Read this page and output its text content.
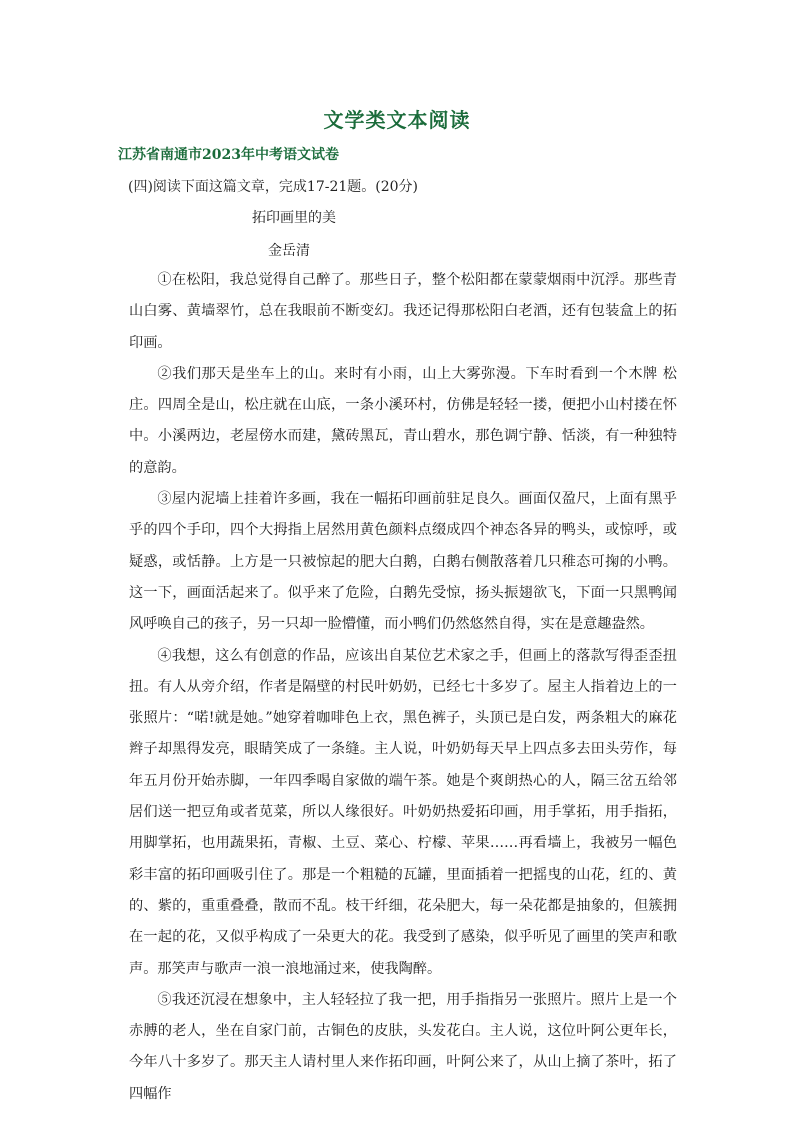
文学类文本阅读
江苏省南通市2023年中考语文试卷
(四)阅读下面这篇文章，完成17-21题。(20分)
拓印画里的美
金岳清

①在松阳，我总觉得自己醉了。那些日子，整个松阳都在蒙蒙烟雨中沉浮。那些青山白雾、黄墙翠竹，总在我眼前不断变幻。我还记得那松阳白老酒，还有包装盒上的拓印画。

②我们那天是坐车上的山。来时有小雨，山上大雾弥漫。下车时看到一个木牌 松庄。四周全是山，松庄就在山底，一条小溪环村，仿佛是轻轻一搂，便把小山村搂在怀中。小溪两边，老屋傍水而建，黛砖黑瓦，青山碧水，那色调宁静、恬淡，有一种独特的意韵。

③屋内泥墙上挂着许多画，我在一幅拓印画前驻足良久。画面仅盈尺，上面有黑乎乎的四个手印，四个大拇指上居然用黄色颜料点缀成四个神态各异的鸭头，或惊呼，或疑惑，或恬静。上方是一只被惊起的肥大白鹅，白鹅右侧散落着几只稚态可掬的小鸭。这一下，画面活起来了。似乎来了危险，白鹅先受惊，扬头振翅欲飞，下面一只黑鸭闻风呼唤自己的孩子，另一只却一脸懵懂，而小鸭们仍然悠然自得，实在是意趣盎然。

④我想，这么有创意的作品，应该出自某位艺术家之手，但画上的落款写得歪歪扭扭。有人从旁介绍，作者是隔壁的村民叶奶奶，已经七十多岁了。屋主人指着边上的一张照片：“喏!就是她。”她穿着咖啡色上衣，黑色裤子，头顶已是白发，两条粗大的麻花辫子却黑得发亮，眼睛笑成了一条缝。主人说，叶奶奶每天早上四点多去田头劳作，每年五月份开始赤脚，一年四季喝自家做的端午茶。她是个爽朗热心的人，隔三岔五给邻居们送一把豆角或者苋菜，所以人缘很好。叶奶奶热爱拓印画，用手掌拓，用手指拓，用脚掌拓，也用蔬果拓，青椒、土豆、菜心、柠檬、苹果……再看墙上，我被另一幅色彩丰富的拓印画吸引住了。那是一个粗糙的瓦罐，里面插着一把摇曳的山花，红的、黄的、紫的，重重叠叠，散而不乱。枝干纤细，花朵肥大，每一朵花都是抽象的，但簇拥在一起的花，又似乎构成了一朵更大的花。我受到了感染，似乎听见了画里的笑声和歌声。那笑声与歌声一浪一浪地涌过来，使我陶醉。

⑤我还沉浸在想象中，主人轻轻拉了我一把，用手指指另一张照片。照片上是一个赤膊的老人，坐在自家门前，古铜色的皮肤，头发花白。主人说，这位叶阿公更年长，今年八十多岁了。那天主人请村里人来作拓印画，叶阿公来了，从山上摘了茶叶，拓了四幅作
